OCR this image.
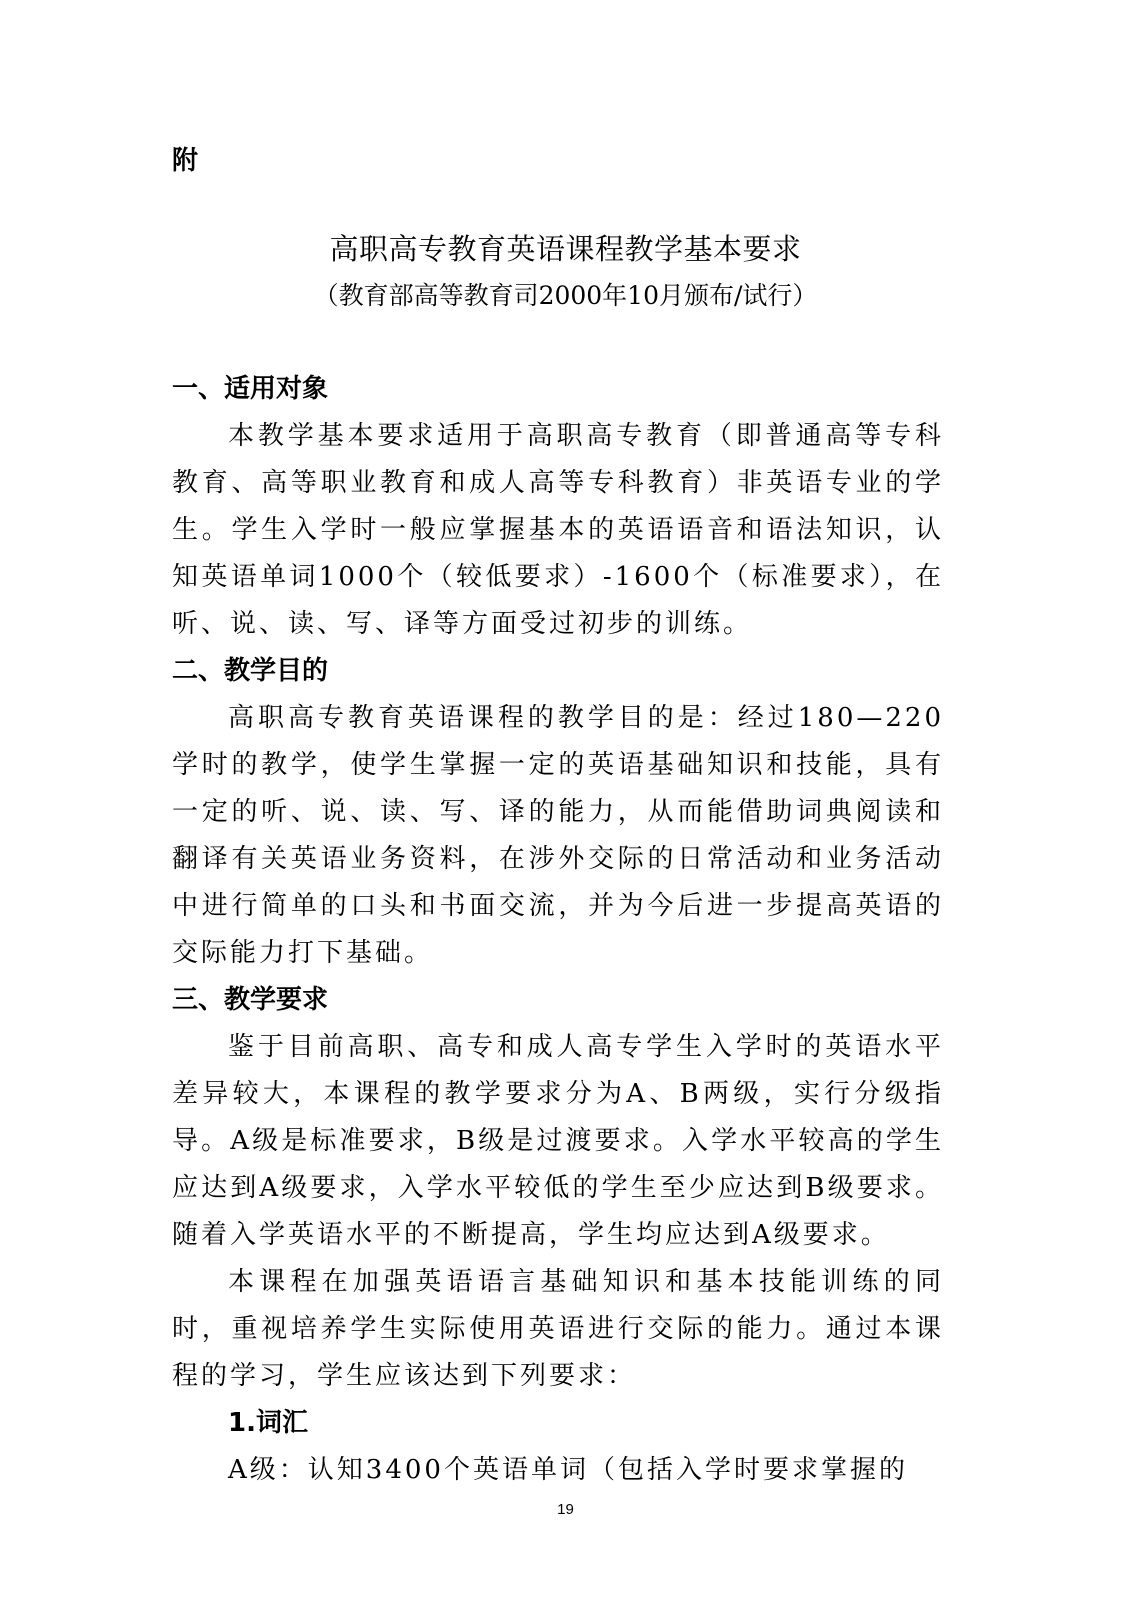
附
高职高专教育英语课程教学基本要求
（教育部高等教育司2000年10月颁布/试行）
一、适用对象

本教学基本要求适用于高职高专教育（即普通高等专科教育、高等职业教育和成人高等专科教育）非英语专业的学生。学生入学时一般应掌握基本的英语语音和语法知识，认知英语单词1000个（较低要求）-1600个（标准要求），在听、说、读、写、译等方面受过初步的训练。

二、教学目的

高职高专教育英语课程的教学目的是：经过180—220学时的教学，使学生掌握一定的英语基础知识和技能，具有一定的听、说、读、写、译的能力，从而能借助词典阅读和翻译有关英语业务资料，在涉外交际的日常活动和业务活动中进行简单的口头和书面交流，并为今后进一步提高英语的交际能力打下基础。

三、教学要求

鉴于目前高职、高专和成人高专学生入学时的英语水平差异较大，本课程的教学要求分为A、B两级，实行分级指导。A级是标准要求，B级是过渡要求。入学水平较高的学生应达到A级要求，入学水平较低的学生至少应达到B级要求。随着入学英语水平的不断提高，学生均应达到A级要求。

本课程在加强英语语言基础知识和基本技能训练的同时，重视培养学生实际使用英语进行交际的能力。通过本课程的学习，学生应该达到下列要求：

1.词汇

A级：认知3400个英语单词（包括入学时要求掌握的

19
